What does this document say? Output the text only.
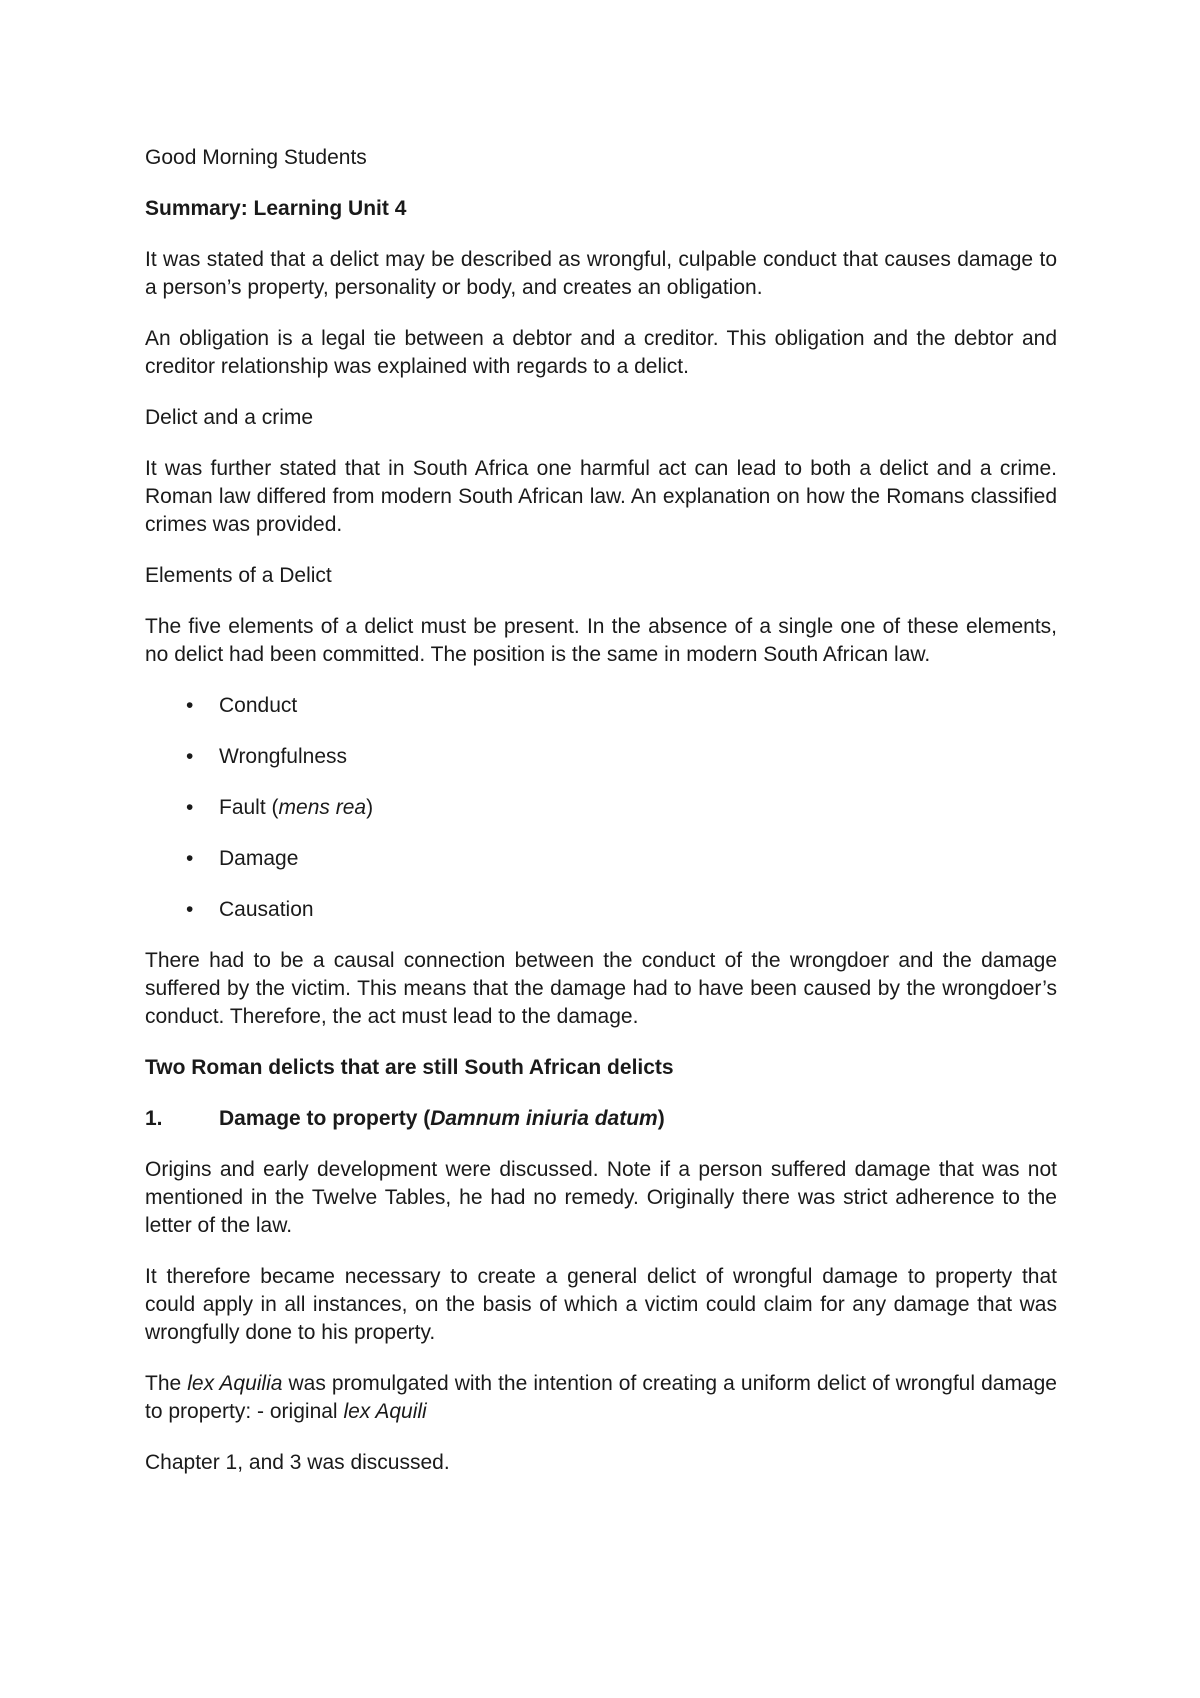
Good Morning Students

Summary: Learning Unit 4

It was stated that a delict may be described as wrongful, culpable conduct that causes damage to a person’s property, personality or body, and creates an obligation.

An obligation is a legal tie between a debtor and a creditor. This obligation and the debtor and creditor relationship was explained with regards to a delict.

Delict and a crime

It was further stated that in South Africa one harmful act can lead to both a delict and a crime. Roman law differed from modern South African law. An explanation on how the Romans classified crimes was provided.

Elements of a Delict

The five elements of a delict must be present. In the absence of a single one of these elements, no delict had been committed. The position is the same in modern South African law.

• Conduct
• Wrongfulness
• Fault (mens rea)
• Damage
• Causation

There had to be a causal connection between the conduct of the wrongdoer and the damage suffered by the victim. This means that the damage had to have been caused by the wrongdoer’s conduct. Therefore, the act must lead to the damage.

Two Roman delicts that are still South African delicts

1.	Damage to property (Damnum iniuria datum)

Origins and early development were discussed. Note if a person suffered damage that was not mentioned in the Twelve Tables, he had no remedy. Originally there was strict adherence to the letter of the law.

It therefore became necessary to create a general delict of wrongful damage to property that could apply in all instances, on the basis of which a victim could claim for any damage that was wrongfully done to his property.

The lex Aquilia was promulgated with the intention of creating a uniform delict of wrongful damage to property: - original lex Aquili

Chapter 1, and 3 was discussed.
